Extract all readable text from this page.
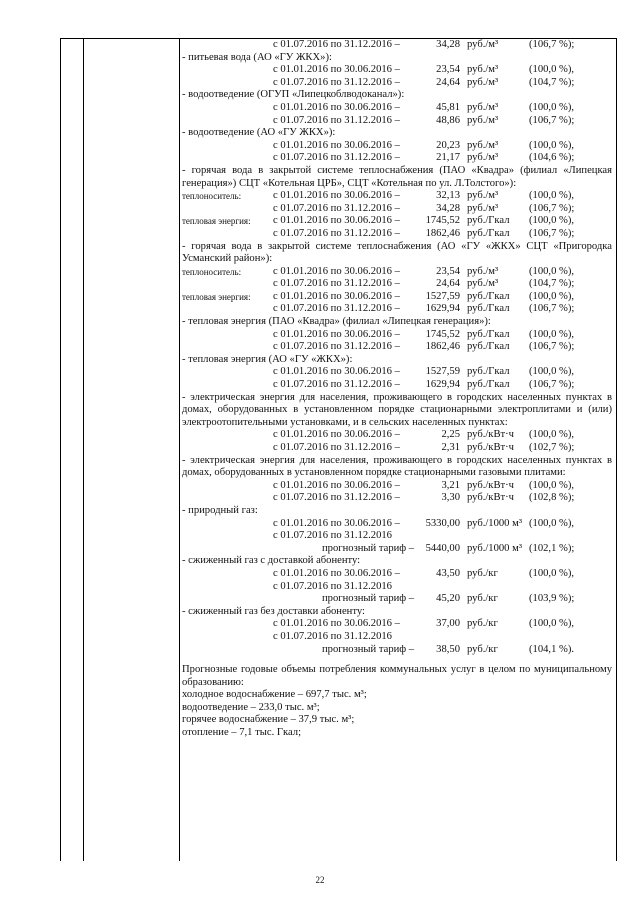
с 01.07.2016 по 31.12.2016 –	34,28 руб./м³	(106,7 %);
- питьевая вода (АО «ГУ ЖКХ»):
с 01.01.2016 по 30.06.2016 –	23,54 руб./м³	(100,0 %),
с 01.07.2016 по 31.12.2016 –	24,64 руб./м³	(104,7 %);
- водоотведение (ОГУП «Липецкоблводоканал»):
с 01.01.2016 по 30.06.2016 –	45,81 руб./м³	(100,0 %),
с 01.07.2016 по 31.12.2016 –	48,86 руб./м³	(106,7 %);
- водоотведение (АО «ГУ ЖКХ»):
с 01.01.2016 по 30.06.2016 –	20,23 руб./м³	(100,0 %),
с 01.07.2016 по 31.12.2016 –	21,17 руб./м³	(104,6 %);
- горячая вода в закрытой системе теплоснабжения (ПАО «Квадра» (филиал «Липецкая генерация») СЦТ «Котельная ЦРБ», СЦТ «Котельная по ул. Л.Толстого»):
теплоноситель:	с 01.01.2016 по 30.06.2016 –	32,13 руб./м³	(100,0 %),
с 01.07.2016 по 31.12.2016 –	34,28 руб./м³	(106,7 %);
тепловая энергия: с 01.01.2016 по 30.06.2016 –	1745,52 руб./Гкал (100,0 %),
с 01.07.2016 по 31.12.2016 –	1862,46 руб./Гкал (106,7 %);
- горячая вода в закрытой системе теплоснабжения (АО «ГУ «ЖКХ» СЦТ «Пригородка Усманский район»):
теплоноситель:	с 01.01.2016 по 30.06.2016 –	23,54 руб./м³	(100,0 %),
с 01.07.2016 по 31.12.2016 –	24,64 руб./м³	(104,7 %);
тепловая энергия: с 01.01.2016 по 30.06.2016 –	1527,59 руб./Гкал (100,0 %),
с 01.07.2016 по 31.12.2016 –	1629,94 руб./Гкал (106,7 %);
- тепловая энергия (ПАО «Квадра» (филиал «Липецкая генерация»):
с 01.01.2016 по 30.06.2016 –	1745,52 руб./Гкал (100,0 %),
с 01.07.2016 по 31.12.2016 –	1862,46 руб./Гкал (106,7 %);
- тепловая энергия (АО «ГУ «ЖКХ»):
с 01.01.2016 по 30.06.2016 –	1527,59 руб./Гкал (100,0 %),
с 01.07.2016 по 31.12.2016 –	1629,94 руб./Гкал (106,7 %);
- электрическая энергия для населения, проживающего в городских населенных пунктах в домах, оборудованных в установленном порядке стационарными электроплитами и (или) электроотопительными установками, и в сельских населенных пунктах:
с 01.01.2016 по 30.06.2016 –	2,25 руб./кВт·ч (100,0 %),
с 01.07.2016 по 31.12.2016 –	2,31 руб./кВт·ч (102,7 %);
- электрическая энергия для населения, проживающего в городских населенных пунктах в домах, оборудованных в установленном порядке стационарными газовыми плитами:
с 01.01.2016 по 30.06.2016 –	3,21 руб./кВт·ч (100,0 %),
с 01.07.2016 по 31.12.2016 –	3,30 руб./кВт·ч (102,8 %);
- природный газ:
с 01.01.2016 по 30.06.2016 –	5330,00 руб./1000 м³ (100,0 %),
с 01.07.2016 по 31.12.2016
прогнозный тариф –	5440,00 руб./1000 м³ (102,1 %);
- сжиженный газ с доставкой абоненту:
с 01.01.2016 по 30.06.2016 –	43,50 руб./кг	(100,0 %),
с 01.07.2016 по 31.12.2016
прогнозный тариф –	45,20 руб./кг	(103,9 %);
- сжиженный газ без доставки абоненту:
с 01.01.2016 по 30.06.2016 –	37,00 руб./кг	(100,0 %),
с 01.07.2016 по 31.12.2016
прогнозный тариф –	38,50 руб./кг	(104,1 %).
Прогнозные годовые объемы потребления коммунальных услуг в целом по муниципальному образованию:
холодное водоснабжение – 697,7 тыс. м³;
водоотведение – 233,0 тыс. м³;
горячее водоснабжение – 37,9 тыс. м³;
отопление – 7,1 тыс. Гкал;
22
